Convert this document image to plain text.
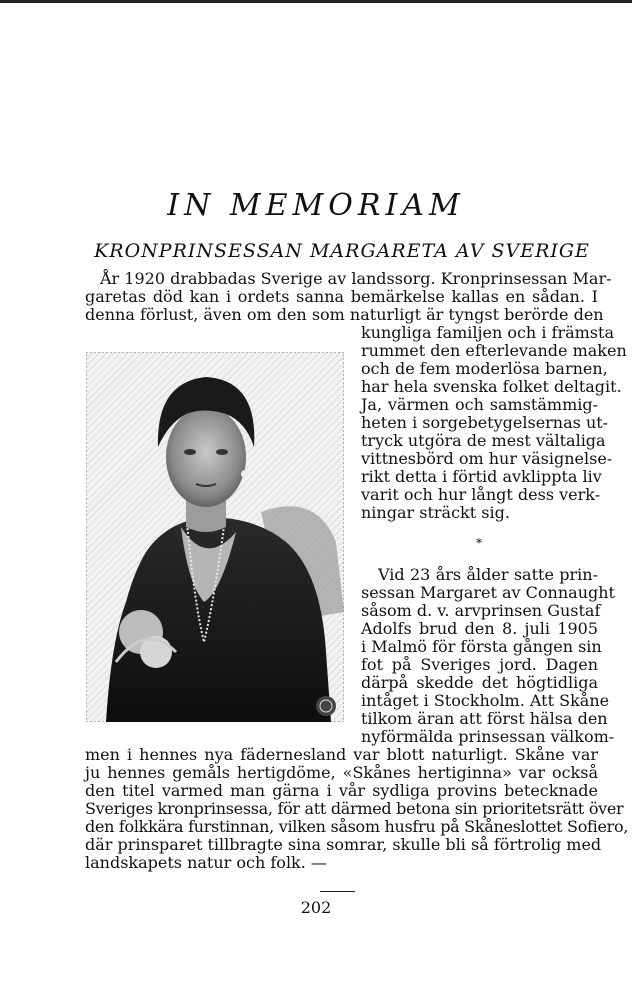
IN MEMORIAM
KRONPRINSESSAN MARGARETA AV SVERIGE
År 1920 drabbadas Sverige av landssorg. Kronprinsessan Mar-
garetas död kan i ordets sanna bemärkelse kallas en sådan. I
denna förlust, även om den som naturligt är tyngst berörde den
kungliga familjen och i främsta
rummet den efterlevande maken
och de fem moderlösa barnen,
har hela svenska folket deltagit.
Ja, värmen och samstämmig-
heten i sorgebetygelsernas ut-
tryck utgöra de mest vältaliga
vittnesbörd om hur väsignelse-
rikt detta i förtid avklippta liv
varit och hur långt dess verk-
ningar sträckt sig.
*
Vid 23 års ålder satte prin-
sessan Margaret av Connaught
såsom d. v. arvprinsen Gustaf
Adolfs brud den 8. juli 1905
i Malmö för första gången sin
fot på Sveriges jord. Dagen
därpå skedde det högtidliga
intåget i Stockholm. Att Skåne
tilkom äran att först hälsa den
nyförmälda prinsessan välkom-
men i hennes nya fädernesland var blott naturligt. Skåne var
ju hennes gemåls hertigdöme, «Skånes hertiginna» var också
den titel varmed man gärna i vår sydliga provins betecknade
Sveriges kronprinsessa, för att därmed betona sin prioritetsrätt över
den folkkära furstinnan, vilken såsom husfru på Skåneslottet Sofiero,
där prinsparet tillbragte sina somrar, skulle bli så förtrolig med
landskapets natur och folk. —
202
